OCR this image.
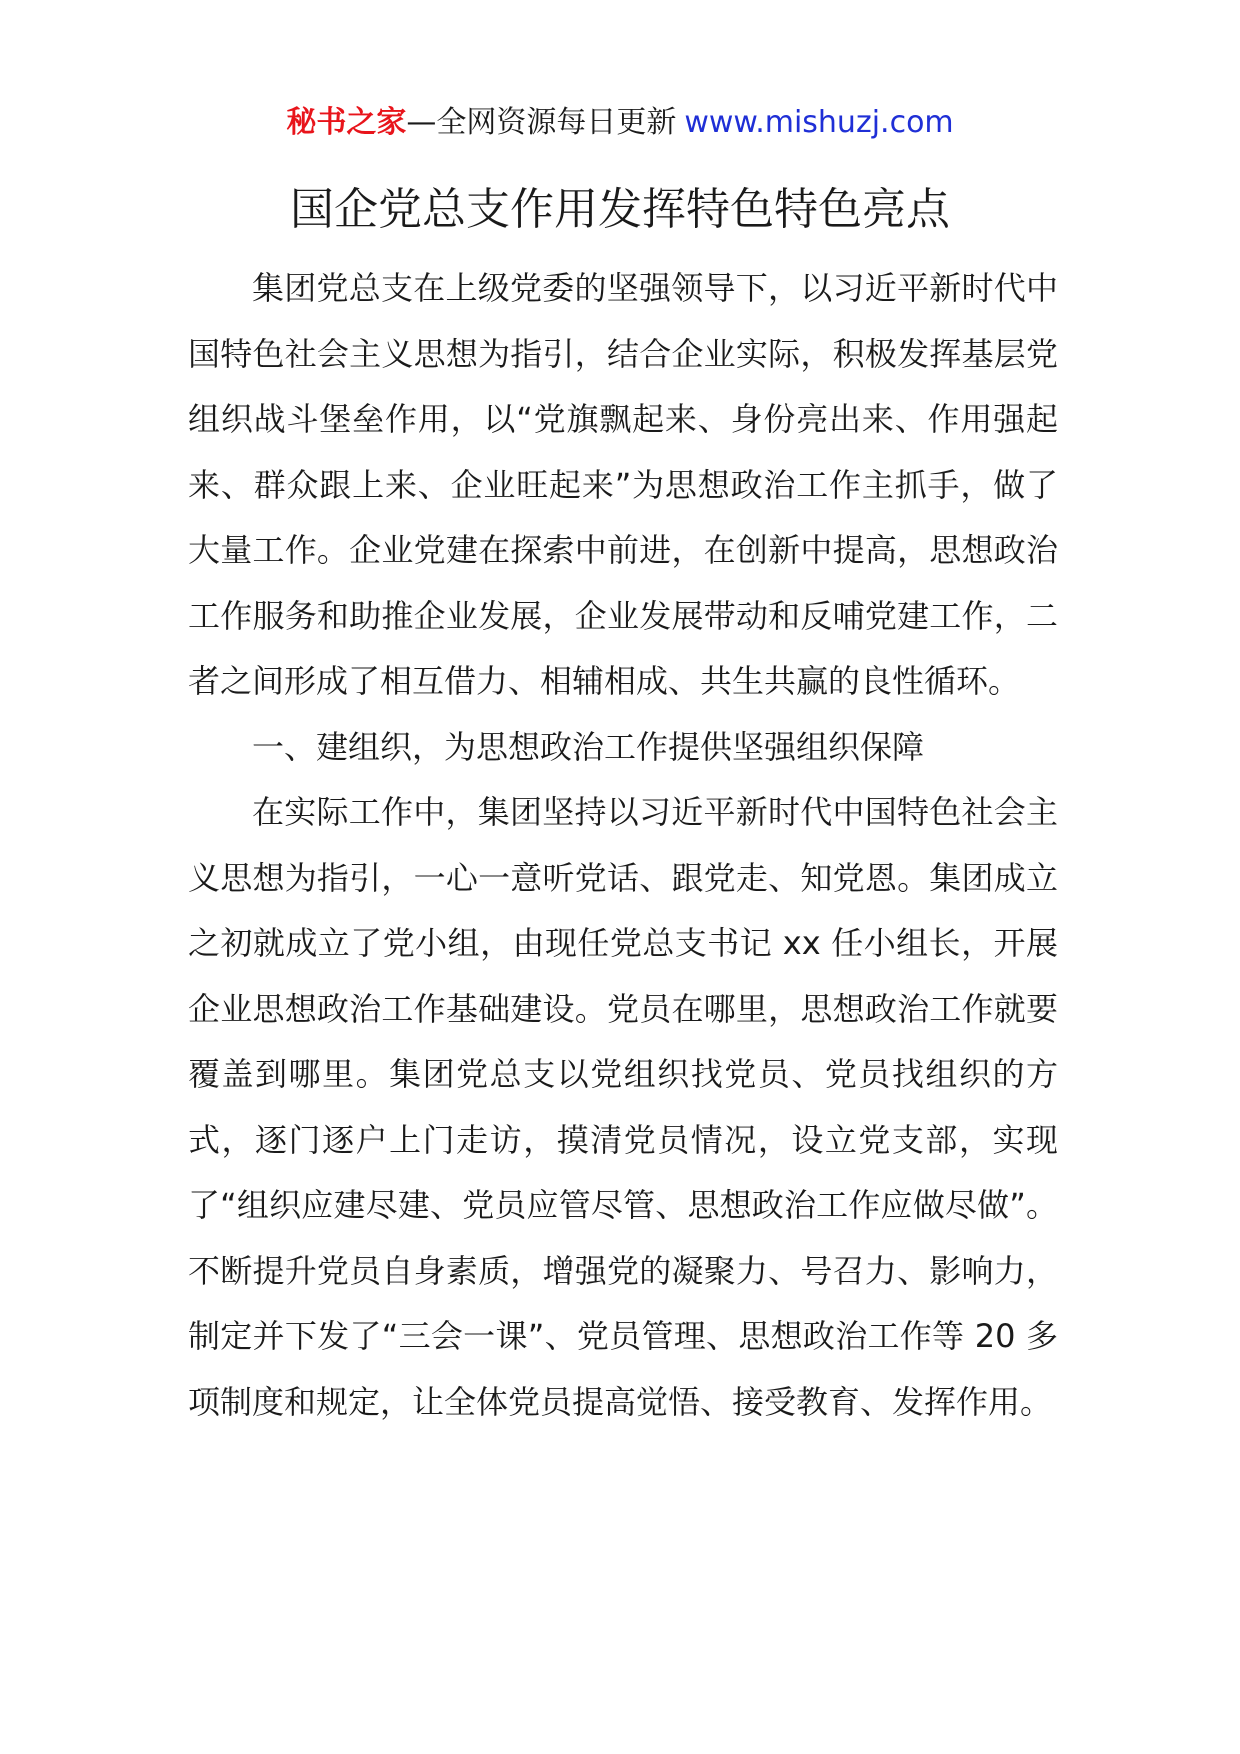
秘书之家—全网资源每日更新 www.mishuzj.com
国企党总支作用发挥特色特色亮点

集团党总支在上级党委的坚强领导下，以习近平新时代中国特色社会主义思想为指引，结合企业实际，积极发挥基层党组织战斗堡垒作用，以“党旗飘起来、身份亮出来、作用强起来、群众跟上来、企业旺起来”为思想政治工作主抓手，做了大量工作。企业党建在探索中前进，在创新中提高，思想政治工作服务和助推企业发展，企业发展带动和反哺党建工作，二者之间形成了相互借力、相辅相成、共生共赢的良性循环。

一、建组织，为思想政治工作提供坚强组织保障

在实际工作中，集团坚持以习近平新时代中国特色社会主义思想为指引，一心一意听党话、跟党走、知党恩。集团成立之初就成立了党小组，由现任党总支书记 xx 任小组长，开展企业思想政治工作基础建设。党员在哪里，思想政治工作就要覆盖到哪里。集团党总支以党组织找党员、党员找组织的方式，逐门逐户上门走访，摸清党员情况，设立党支部，实现了“组织应建尽建、党员应管尽管、思想政治工作应做尽做”。不断提升党员自身素质，增强党的凝聚力、号召力、影响力，制定并下发了“三会一课”、党员管理、思想政治工作等 20 多项制度和规定，让全体党员提高觉悟、接受教育、发挥作用。
